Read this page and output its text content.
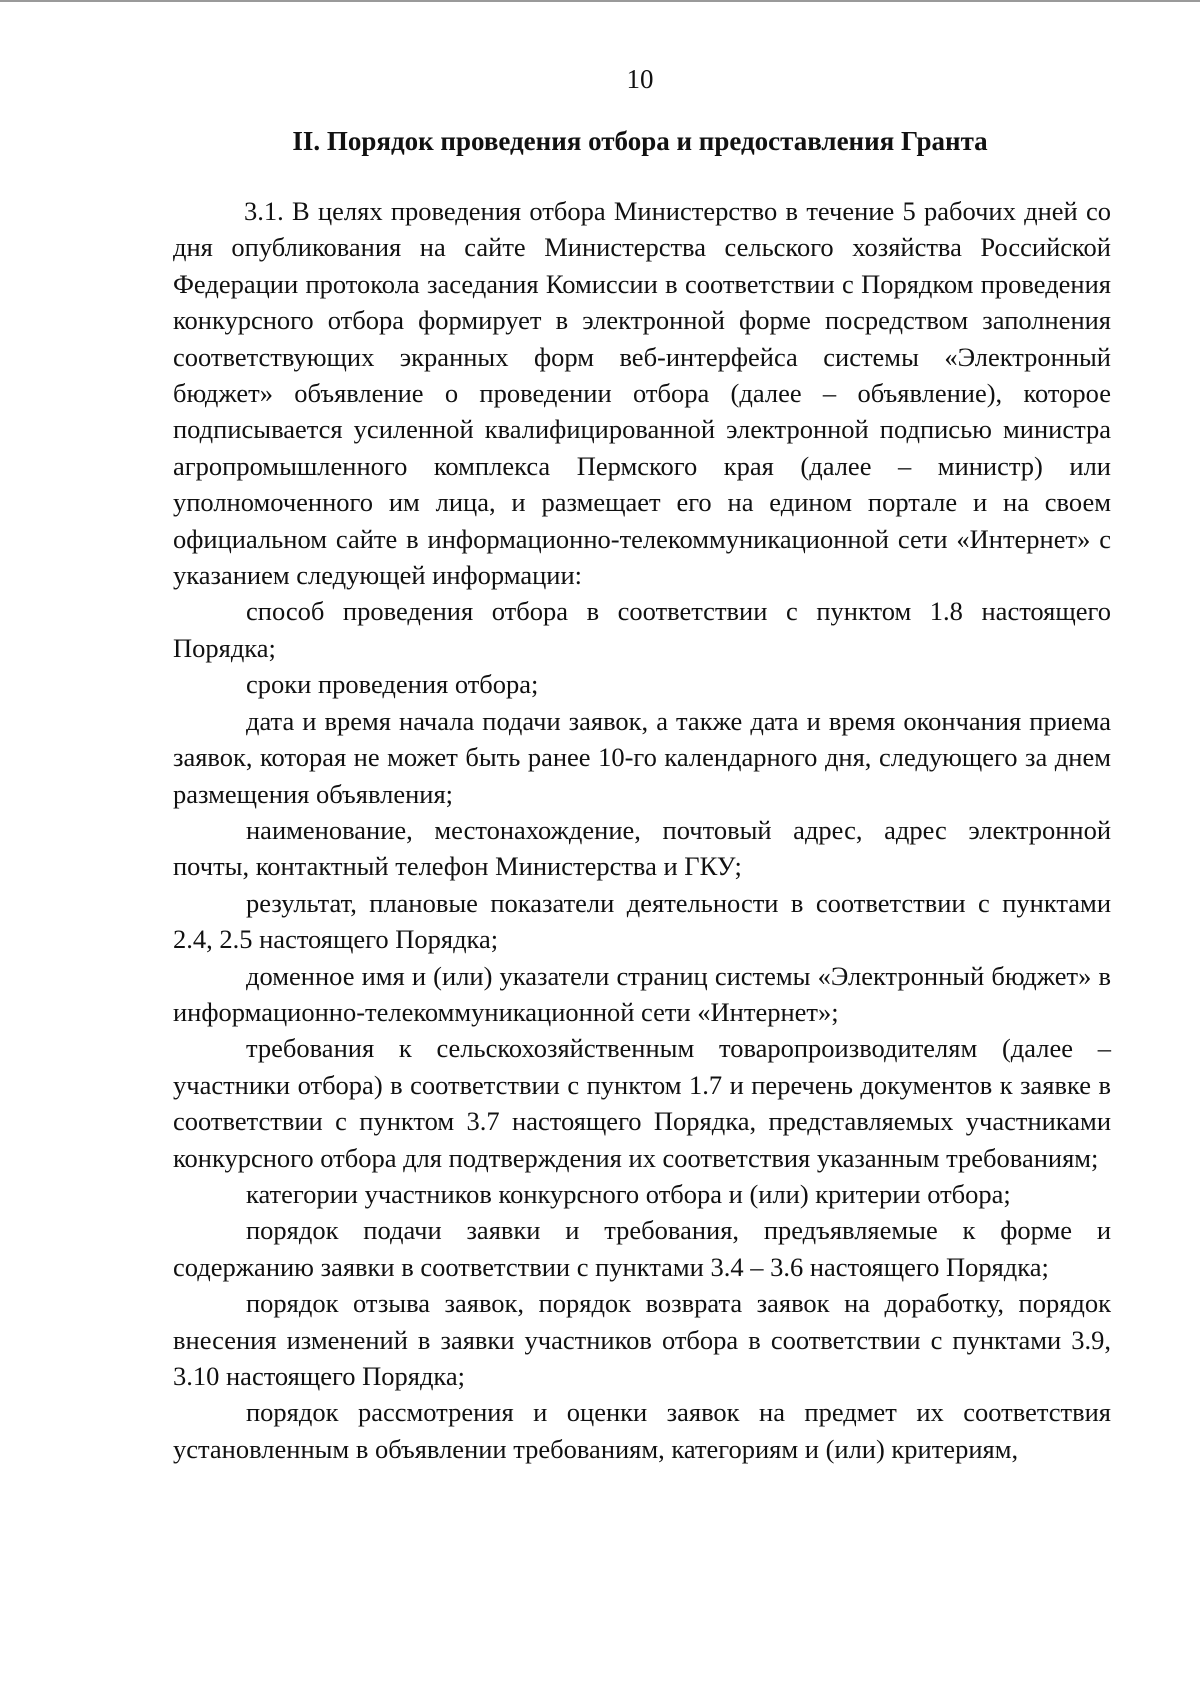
10
II. Порядок проведения отбора и предоставления Гранта

3.1. В целях проведения отбора Министерство в течение 5 рабочих дней со дня опубликования на сайте Министерства сельского хозяйства Российской Федерации протокола заседания Комиссии в соответствии с Порядком проведения конкурсного отбора формирует в электронной форме посредством заполнения соответствующих экранных форм веб-интерфейса системы «Электронный бюджет» объявление о проведении отбора (далее – объявление), которое подписывается усиленной квалифицированной электронной подписью министра агропромышленного комплекса Пермского края (далее – министр) или уполномоченного им лица, и размещает его на едином портале и на своем официальном сайте в информационно-телекоммуникационной сети «Интернет» с указанием следующей информации:

способ проведения отбора в соответствии с пунктом 1.8 настоящего Порядка;

сроки проведения отбора;

дата и время начала подачи заявок, а также дата и время окончания приема заявок, которая не может быть ранее 10-го календарного дня, следующего за днем размещения объявления;

наименование, местонахождение, почтовый адрес, адрес электронной почты, контактный телефон Министерства и ГКУ;

результат, плановые показатели деятельности в соответствии с пунктами 2.4, 2.5 настоящего Порядка;

доменное имя и (или) указатели страниц системы «Электронный бюджет» в информационно-телекоммуникационной сети «Интернет»;

требования к сельскохозяйственным товаропроизводителям (далее – участники отбора) в соответствии с пунктом 1.7 и перечень документов к заявке в соответствии с пунктом 3.7 настоящего Порядка, представляемых участниками конкурсного отбора для подтверждения их соответствия указанным требованиям;

категории участников конкурсного отбора и (или) критерии отбора;

порядок подачи заявки и требования, предъявляемые к форме и содержанию заявки в соответствии с пунктами 3.4 – 3.6 настоящего Порядка;

порядок отзыва заявок, порядок возврата заявок на доработку, порядок внесения изменений в заявки участников отбора в соответствии с пунктами 3.9, 3.10 настоящего Порядка;

порядок рассмотрения и оценки заявок на предмет их соответствия установленным в объявлении требованиям, категориям и (или) критериям,
